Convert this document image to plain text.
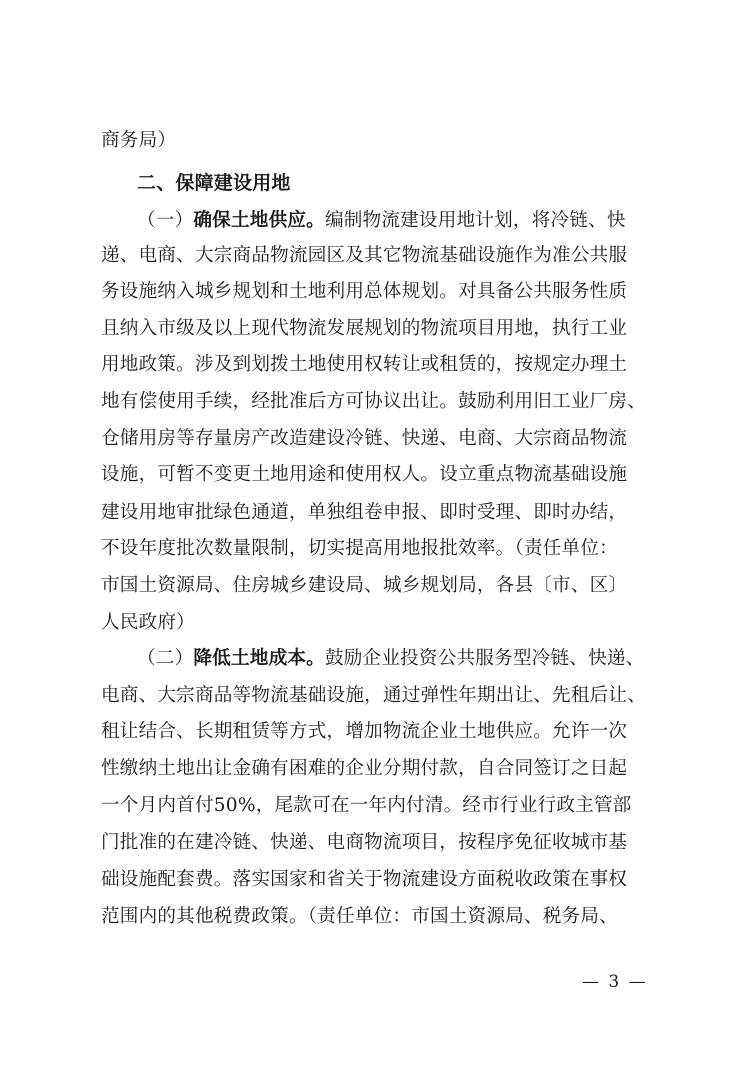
商务局）
二、保障建设用地
（一）确保土地供应。编制物流建设用地计划，将冷链、快
递、电商、大宗商品物流园区及其它物流基础设施作为准公共服
务设施纳入城乡规划和土地利用总体规划。对具备公共服务性质
且纳入市级及以上现代物流发展规划的物流项目用地，执行工业
用地政策。涉及到划拨土地使用权转让或租赁的，按规定办理土
地有偿使用手续，经批准后方可协议出让。鼓励利用旧工业厂房、
仓储用房等存量房产改造建设冷链、快递、电商、大宗商品物流
设施，可暂不变更土地用途和使用权人。设立重点物流基础设施
建设用地审批绿色通道，单独组卷申报、即时受理、即时办结，
不设年度批次数量限制，切实提高用地报批效率。（责任单位：
市国土资源局、住房城乡建设局、城乡规划局，各县〔市、区〕
人民政府）
（二）降低土地成本。鼓励企业投资公共服务型冷链、快递、
电商、大宗商品等物流基础设施，通过弹性年期出让、先租后让、
租让结合、长期租赁等方式，增加物流企业土地供应。允许一次
性缴纳土地出让金确有困难的企业分期付款，自合同签订之日起
一个月内首付50%，尾款可在一年内付清。经市行业行政主管部
门批准的在建冷链、快递、电商物流项目，按程序免征收城市基
础设施配套费。落实国家和省关于物流建设方面税收政策在事权
范围内的其他税费政策。（责任单位：市国土资源局、税务局、
— 3 —
